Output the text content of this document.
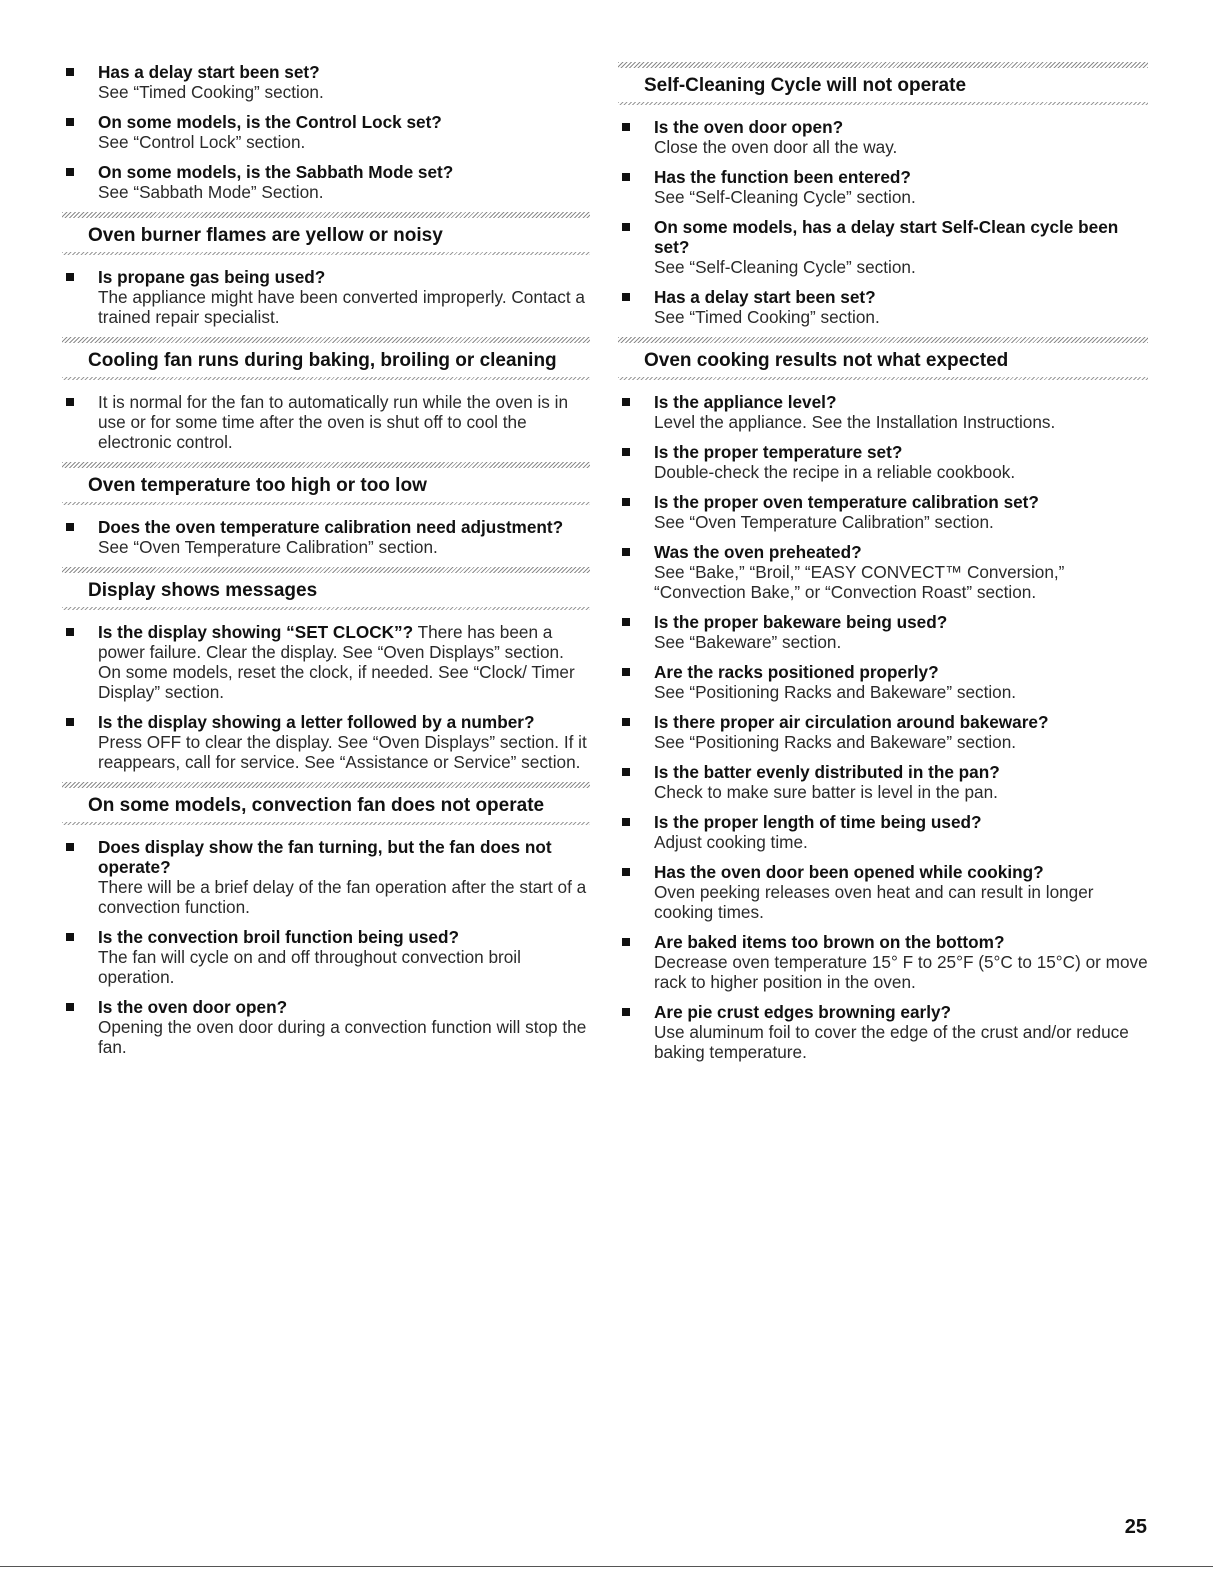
Has a delay start been set?
See “Timed Cooking” section.
On some models, is the Control Lock set?
See “Control Lock” section.
On some models, is the Sabbath Mode set?
See “Sabbath Mode” Section.
Oven burner flames are yellow or noisy
Is propane gas being used?
The appliance might have been converted improperly. Contact a trained repair specialist.
Cooling fan runs during baking, broiling or cleaning
It is normal for the fan to automatically run while the oven is in use or for some time after the oven is shut off to cool the electronic control.
Oven temperature too high or too low
Does the oven temperature calibration need adjustment?
See “Oven Temperature Calibration” section.
Display shows messages
Is the display showing “SET CLOCK”? There has been a power failure. Clear the display. See “Oven Displays” section. On some models, reset the clock, if needed. See “Clock/ Timer Display” section.
Is the display showing a letter followed by a number?
Press OFF to clear the display. See “Oven Displays” section. If it reappears, call for service. See “Assistance or Service” section.
On some models, convection fan does not operate
Does display show the fan turning, but the fan does not operate?
There will be a brief delay of the fan operation after the start of a convection function.
Is the convection broil function being used?
The fan will cycle on and off throughout convection broil operation.
Is the oven door open?
Opening the oven door during a convection function will stop the fan.
Self-Cleaning Cycle will not operate
Is the oven door open?
Close the oven door all the way.
Has the function been entered?
See “Self-Cleaning Cycle” section.
On some models, has a delay start Self-Clean cycle been set?
See “Self-Cleaning Cycle” section.
Has a delay start been set?
See “Timed Cooking” section.
Oven cooking results not what expected
Is the appliance level?
Level the appliance. See the Installation Instructions.
Is the proper temperature set?
Double-check the recipe in a reliable cookbook.
Is the proper oven temperature calibration set?
See “Oven Temperature Calibration” section.
Was the oven preheated?
See “Bake,” “Broil,” “EASY CONVECT™ Conversion,” “Convection Bake,” or “Convection Roast” section.
Is the proper bakeware being used?
See “Bakeware” section.
Are the racks positioned properly?
See “Positioning Racks and Bakeware” section.
Is there proper air circulation around bakeware?
See “Positioning Racks and Bakeware” section.
Is the batter evenly distributed in the pan?
Check to make sure batter is level in the pan.
Is the proper length of time being used?
Adjust cooking time.
Has the oven door been opened while cooking?
Oven peeking releases oven heat and can result in longer cooking times.
Are baked items too brown on the bottom?
Decrease oven temperature 15° F to 25°F (5°C to 15°C) or move rack to higher position in the oven.
Are pie crust edges browning early?
Use aluminum foil to cover the edge of the crust and/or reduce baking temperature.
25
